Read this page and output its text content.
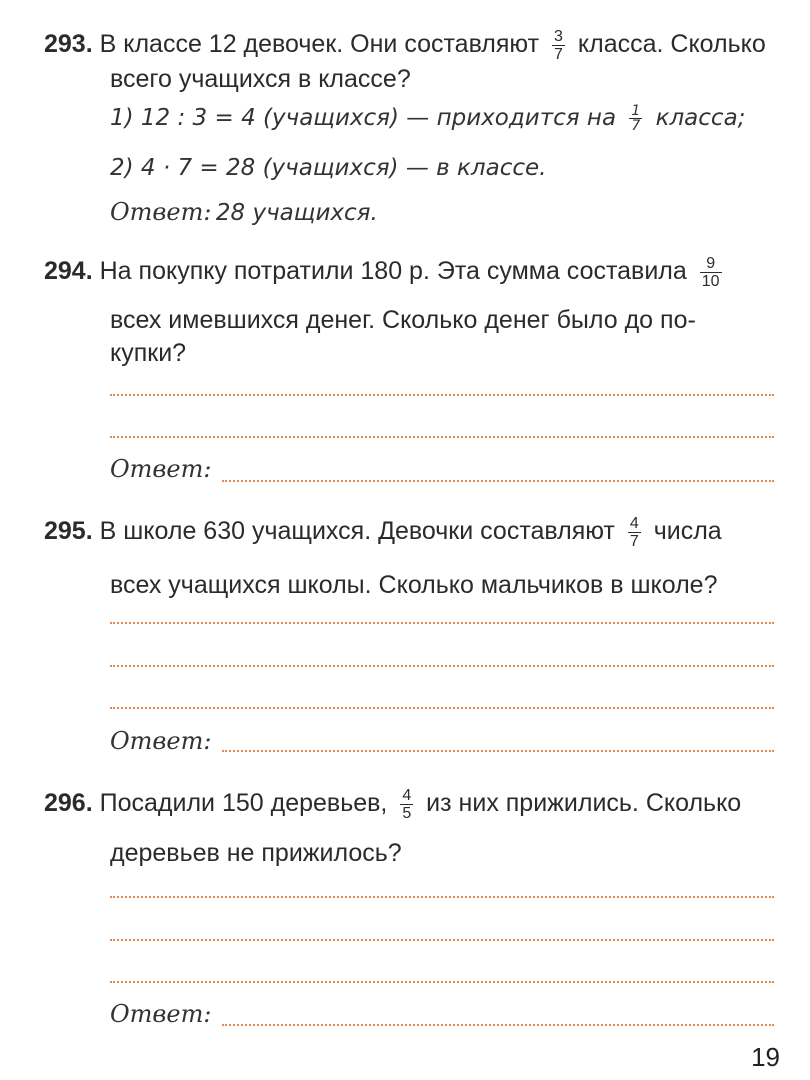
293. В классе 12 девочек. Они составляют $\frac{3}{7}$ класса. Сколько
всего учащихся в классе?
1) 12 : 3 = 4 (учащихся) — приходится на $\frac{1}{7}$ класса;
2) 4 · 7 = 28 (учащихся) — в классе.
Ответ: 28 учащихся.
294. На покупку потратили 180 р. Эта сумма составила $\frac{9}{10}$
всех имевшихся денег. Сколько денег было до по-
купки?
Ответ:
295. В школе 630 учащихся. Девочки составляют $\frac{4}{7}$ числа
всех учащихся школы. Сколько мальчиков в школе?
Ответ:
296. Посадили 150 деревьев, $\frac{4}{5}$ из них прижились. Сколько
деревьев не прижилось?
Ответ:
19
